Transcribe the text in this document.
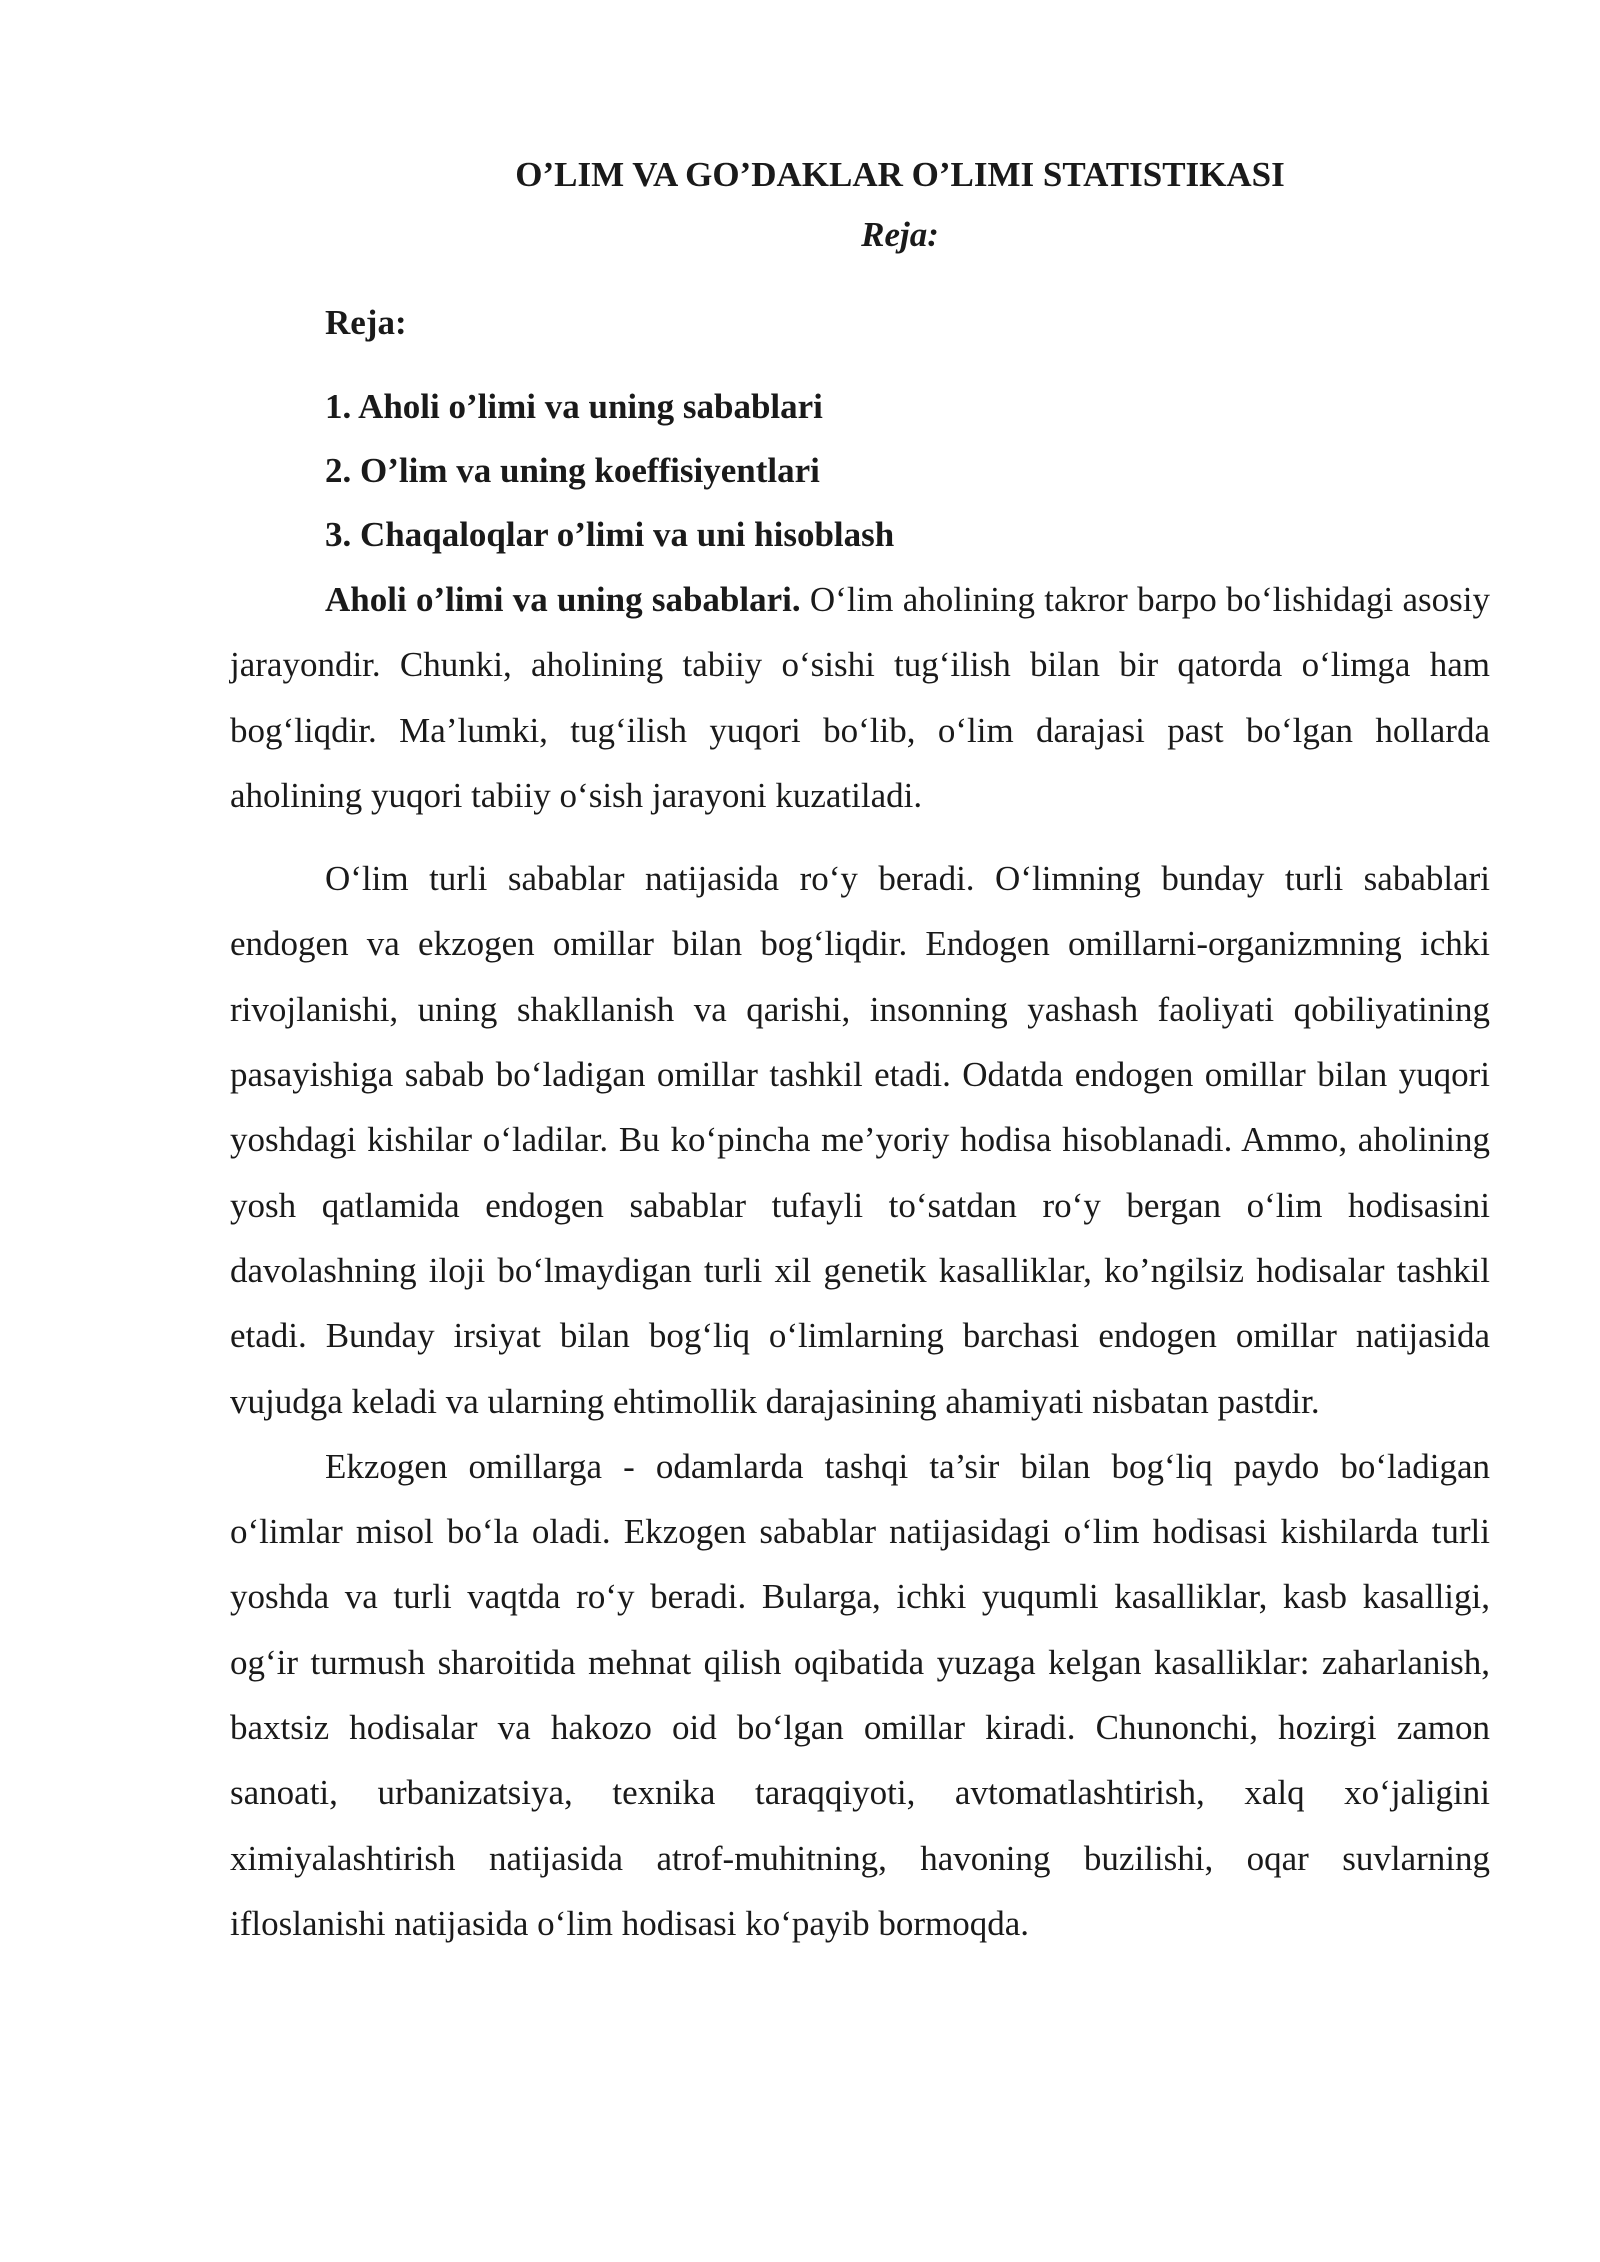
O’LIM VA GO’DAKLAR O’LIMI STATISTIKASI
Reja:
Reja:
1. Aholi o’limi va uning sabablari
2. O’lim va uning koeffisiyentlari
3. Chaqaloqlar o’limi va uni hisoblash

Aholi o’limi va uning sabablari. O‘lim aholining takror barpo bo‘lishidagi asosiy jarayondir. Chunki, aholining tabiiy o‘sishi tug‘ilish bilan bir qatorda o‘limga ham bog‘liqdir. Ma’lumki, tug‘ilish yuqori bo‘lib, o‘lim darajasi past bo‘lgan hollarda aholining yuqori tabiiy o‘sish jarayoni kuzatiladi.

O‘lim turli sabablar natijasida ro‘y beradi. O‘limning bunday turli sabablari endogen va ekzogen omillar bilan bog‘liqdir. Endogen omillarni-organizmning ichki rivojlanishi, uning shakllanish va qarishi, insonning yashash faoliyati qobiliyatining pasayishiga sabab bo‘ladigan omillar tashkil etadi. Odatda endogen omillar bilan yuqori yoshdagi kishilar o‘ladilar. Bu ko‘pincha me’yoriy hodisa hisoblanadi. Ammo, aholining yosh qatlamida endogen sabablar tufayli to‘satdan ro‘y bergan o‘lim hodisasini davolashning iloji bo‘lmaydigan turli xil genetik kasalliklar, ko’ngilsiz hodisalar tashkil etadi. Bunday irsiyat bilan bog‘liq o‘limlarning barchasi endogen omillar natijasida vujudga keladi va ularning ehtimollik darajasining ahamiyati nisbatan pastdir.

Ekzogen omillarga - odamlarda tashqi ta’sir bilan bog‘liq paydo bo‘ladigan o‘limlar misol bo‘la oladi. Ekzogen sabablar natijasidagi o‘lim hodisasi kishilarda turli yoshda va turli vaqtda ro‘y beradi. Bularga, ichki yuqumli kasalliklar, kasb kasalligi, og‘ir turmush sharoitida mehnat qilish oqibatida yuzaga kelgan kasalliklar: zaharlanish, baxtsiz hodisalar va hakozo oid bo‘lgan omillar kiradi. Chunonchi, hozirgi zamon sanoati, urbanizatsiya, texnika taraqqiyoti, avtomatlashtirish, xalq xo‘jaligini ximiyalashtirish natijasida atrof-muhitning, havoning buzilishi, oqar suvlarning ifloslanishi natijasida o‘lim hodisasi ko‘payib bormoqda.
